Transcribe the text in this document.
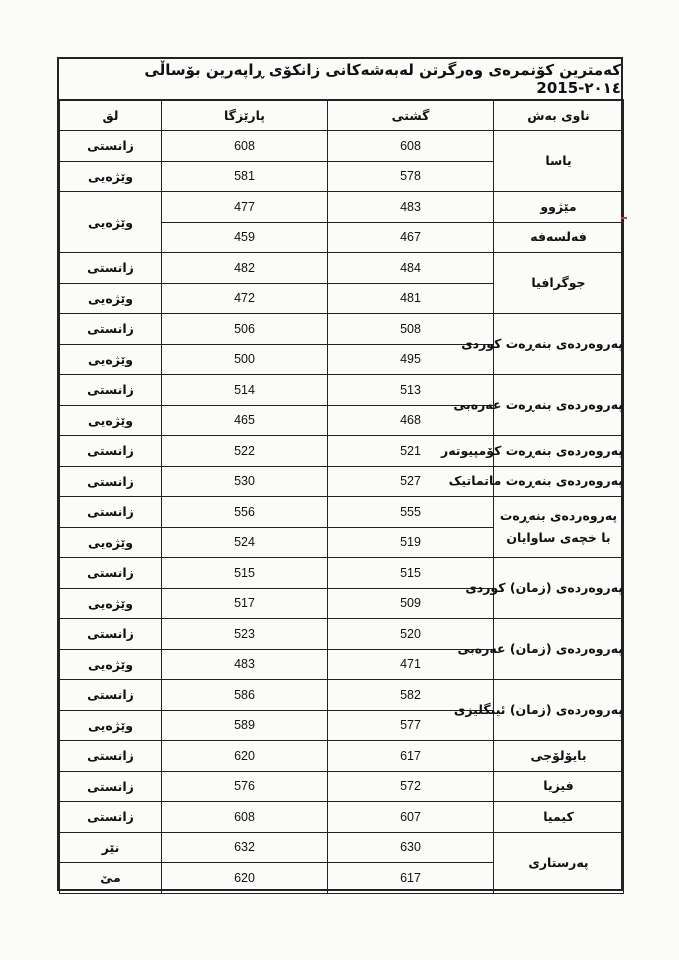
کەمترین کۆنمرەی وەرگرتن لەبەشەکانی زانکۆی ڕاپەرین بۆساڵی ٢٠١٤-2015
ناوی بەش	گشتی	پارێزگا	لق

یاسا	608	608	زانستی
	578	581	وێژەیی

مێژوو	483	477	وێژەیی

فەلسەفە	467	459	

جوگرافیا	484	482	زانستی
	481	472	وێژەیی

پەروەردەی بنەڕەت کوردی	508	506	زانستی
	495	500	وێژەیی

پەروەردەی بنەڕەت عەرەبی	513	514	زانستی
	468	465	وێژەیی

پەروەردەی بنەڕەت کۆمپیوتەر	521	522	زانستی

پەروەردەی بنەڕەت ماتماتیک	527	530	زانستی

پەروەردەی بنەڕەت
با خچەی ساوایان	555	556	زانستی
	519	524	وێژەیی

پەروەردەی (زمان) کوردی	515	515	زانستی
	509	517	وێژەیی

پەروەردەی (زمان) عەرەبی	520	523	زانستی
	471	483	وێژەیی

پەروەردەی (زمان) ئینگلیزی	582	586	زانستی
	577	589	وێژەیی

بایۆلۆجی	617	620	زانستی

فیزیا	572	576	زانستی

کیمیا	607	608	زانستی

پەرستاری	630	632	نێر
	617	620	مێ
